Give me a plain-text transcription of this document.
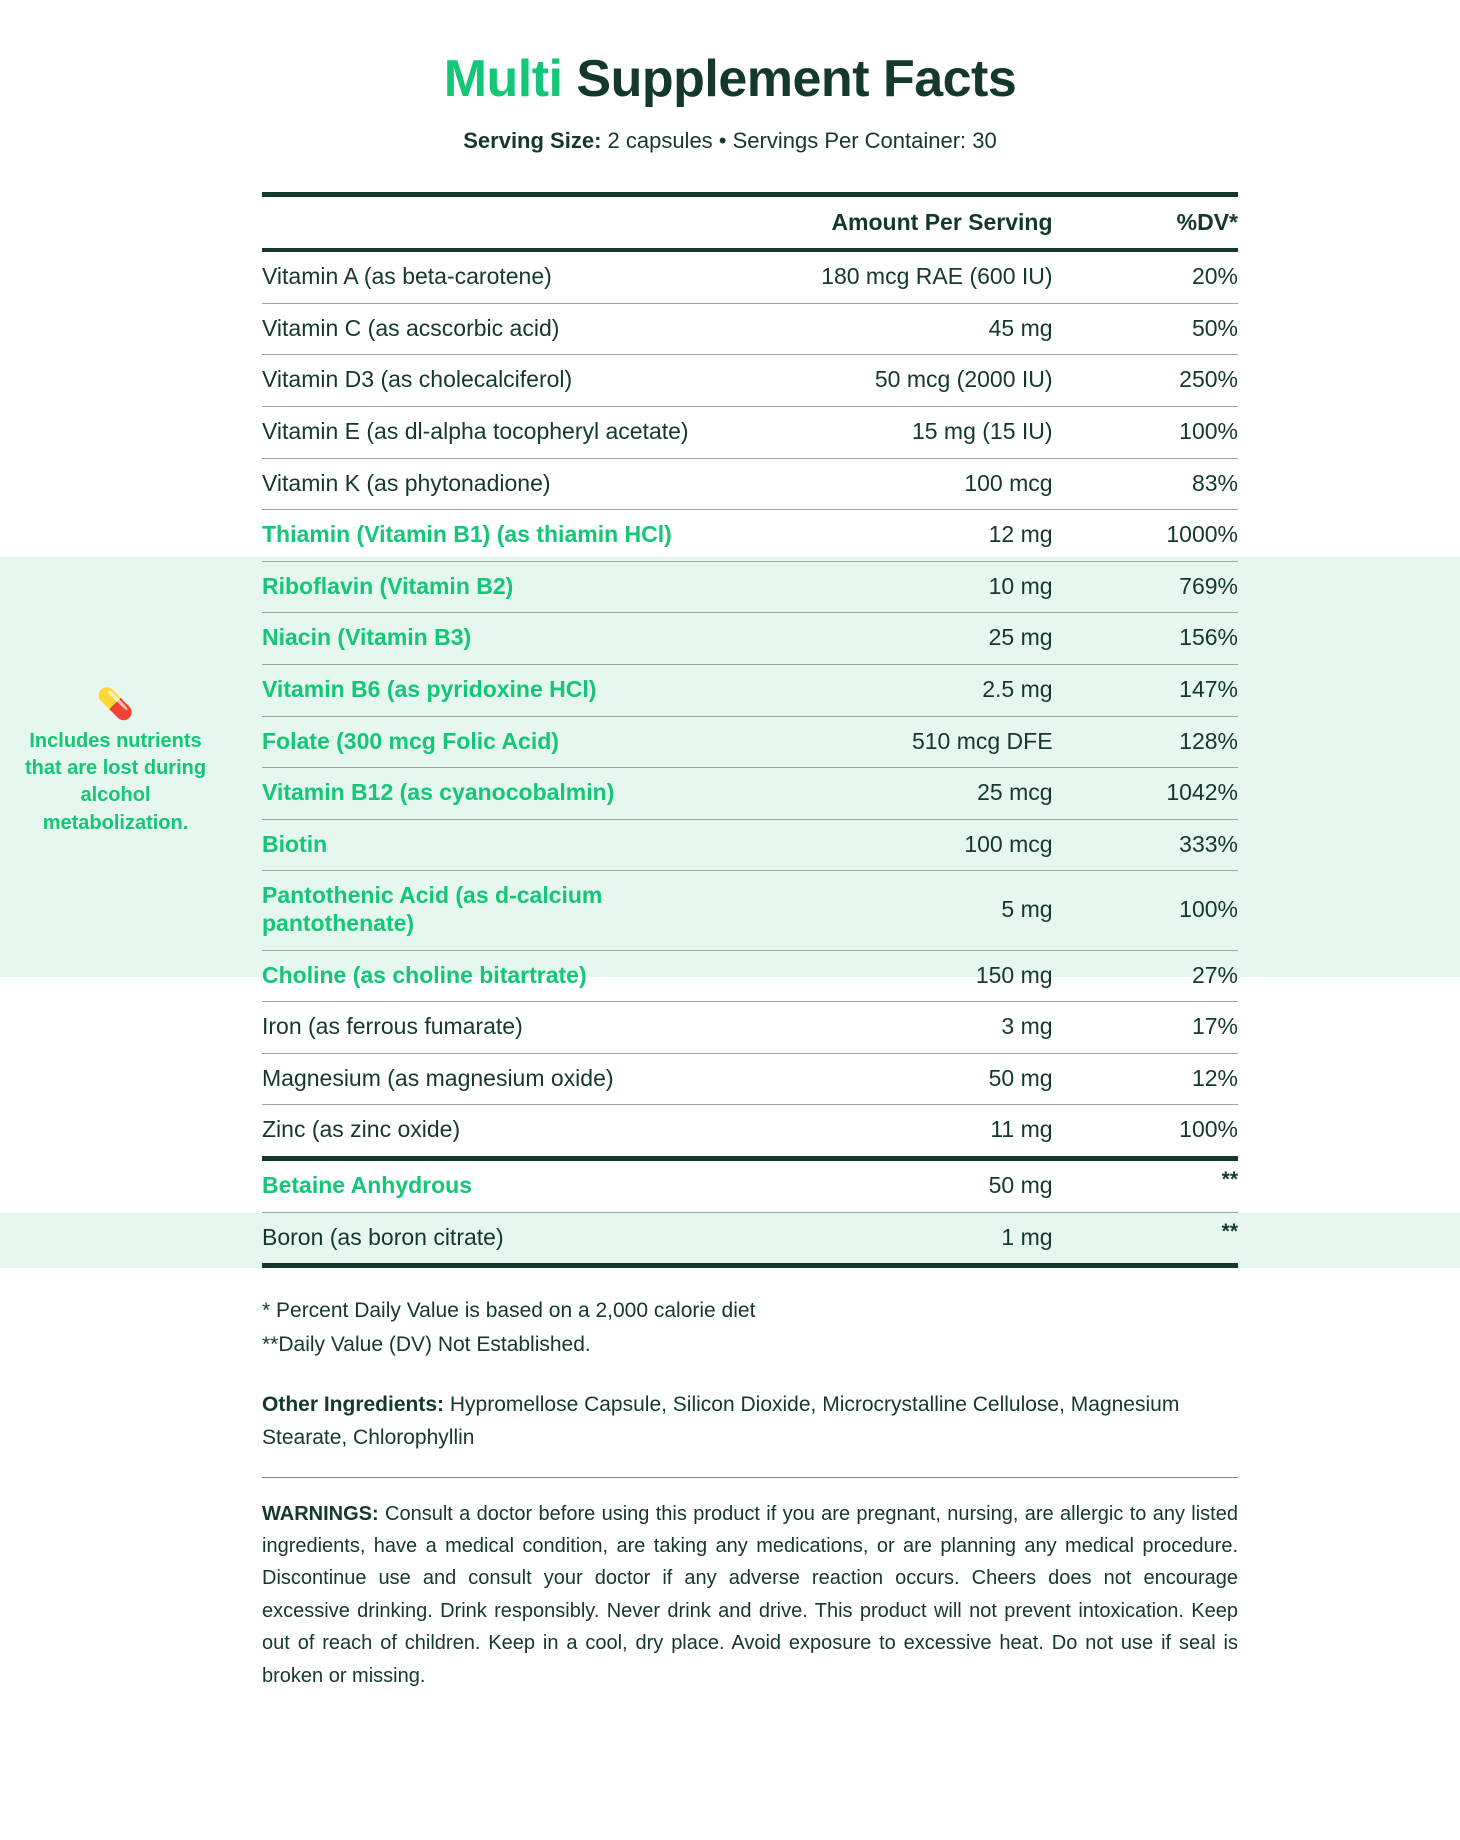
Multi Supplement Facts
Serving Size: 2 capsules • Servings Per Container: 30
💊
Includes nutrients that are lost during alcohol metabolization.
	Amount Per Serving	%DV*
Vitamin A (as beta-carotene)	180 mcg RAE (600 IU)	20%
Vitamin C (as acscorbic acid)	45 mg	50%
Vitamin D3 (as cholecalciferol)	50 mcg (2000 IU)	250%
Vitamin E (as dl-alpha tocopheryl acetate)	15 mg (15 IU)	100%
Vitamin K (as phytonadione)	100 mcg	83%
Thiamin (Vitamin B1) (as thiamin HCl)	12 mg	1000%
Riboflavin (Vitamin B2)	10 mg	769%
Niacin (Vitamin B3)	25 mg	156%
Vitamin B6 (as pyridoxine HCl)	2.5 mg	147%
Folate (300 mcg Folic Acid)	510 mcg DFE	128%
Vitamin B12 (as cyanocobalmin)	25 mcg	1042%
Biotin	100 mcg	333%
Pantothenic Acid (as d-calcium pantothenate)	5 mg	100%
Choline (as choline bitartrate)	150 mg	27%
Iron (as ferrous fumarate)	3 mg	17%
Magnesium (as magnesium oxide)	50 mg	12%
Zinc (as zinc oxide)	11 mg	100%
Betaine Anhydrous	50 mg	**
Boron (as boron citrate)	1 mg	**
* Percent Daily Value is based on a 2,000 calorie diet
**Daily Value (DV) Not Established.
Other Ingredients: Hypromellose Capsule, Silicon Dioxide, Microcrystalline Cellulose, Magnesium Stearate, Chlorophyllin
WARNINGS: Consult a doctor before using this product if you are pregnant, nursing, are allergic to any listed ingredients, have a medical condition, are taking any medications, or are planning any medical procedure. Discontinue use and consult your doctor if any adverse reaction occurs. Cheers does not encourage excessive drinking. Drink responsibly. Never drink and drive. This product will not prevent intoxication. Keep out of reach of children. Keep in a cool, dry place. Avoid exposure to excessive heat. Do not use if seal is broken or missing.
